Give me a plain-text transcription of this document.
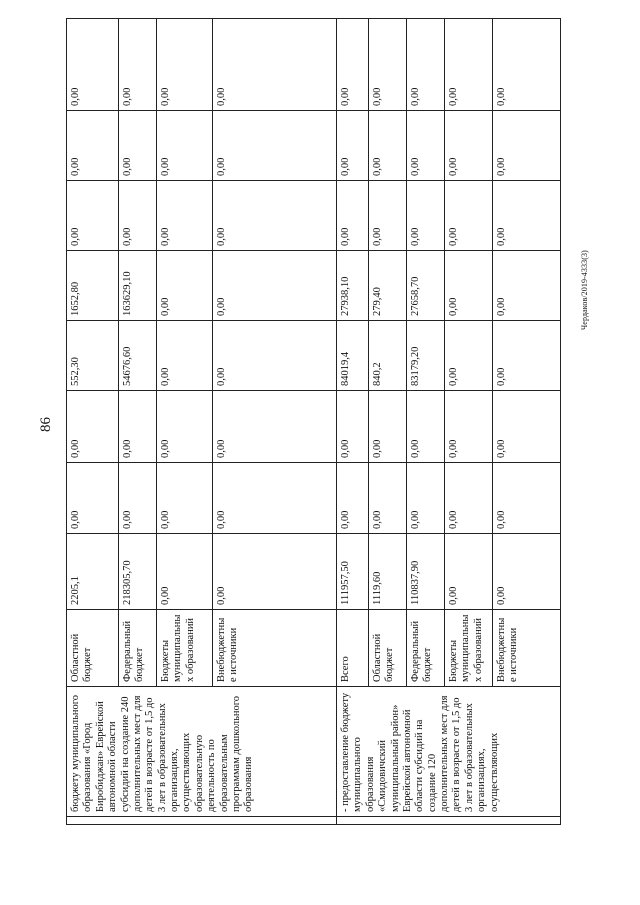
86
Чердаков/2019-4333(3)
	бюджету муниципального образования «Город Биробиджан» Еврейской автономной области субсидий на создание 240 дополнительных мест для детей в возрасте от 1,5 до 3 лет в образовательных организациях, осуществляющих образовательную деятельность по образовательным программам дошкольного образования	Областной бюджет	2205,1	0,00	0,00	552,30	1652,80	0,00	0,00	0,00
		Федеральный бюджет	218305,70	0,00	0,00	54676,60	163629,10	0,00	0,00	0,00
		Бюджеты муниципальных образований	0,00	0,00	0,00	0,00	0,00	0,00	0,00	0,00
		Внебюджетные источники	0,00	0,00	0,00	0,00	0,00	0,00	0,00	0,00
	- предоставление бюджету муниципального образования «Смидовичский муниципальный район» Еврейской автономной области субсидий на создание 120 дополнительных мест для детей в возрасте от 1,5 до 3 лет в образовательных организациях, осуществляющих	Всего	111957,50	0,00	0,00	84019,4	27938,10	0,00	0,00	0,00
		Областной бюджет	1119,60	0,00	0,00	840,2	279,40	0,00	0,00	0,00
		Федеральный бюджет	110837,90	0,00	0,00	83179,20	27658,70	0,00	0,00	0,00
		Бюджеты муниципальных образований	0,00	0,00	0,00	0,00	0,00	0,00	0,00	0,00
		Внебюджетные источники	0,00	0,00	0,00	0,00	0,00	0,00	0,00	0,00
